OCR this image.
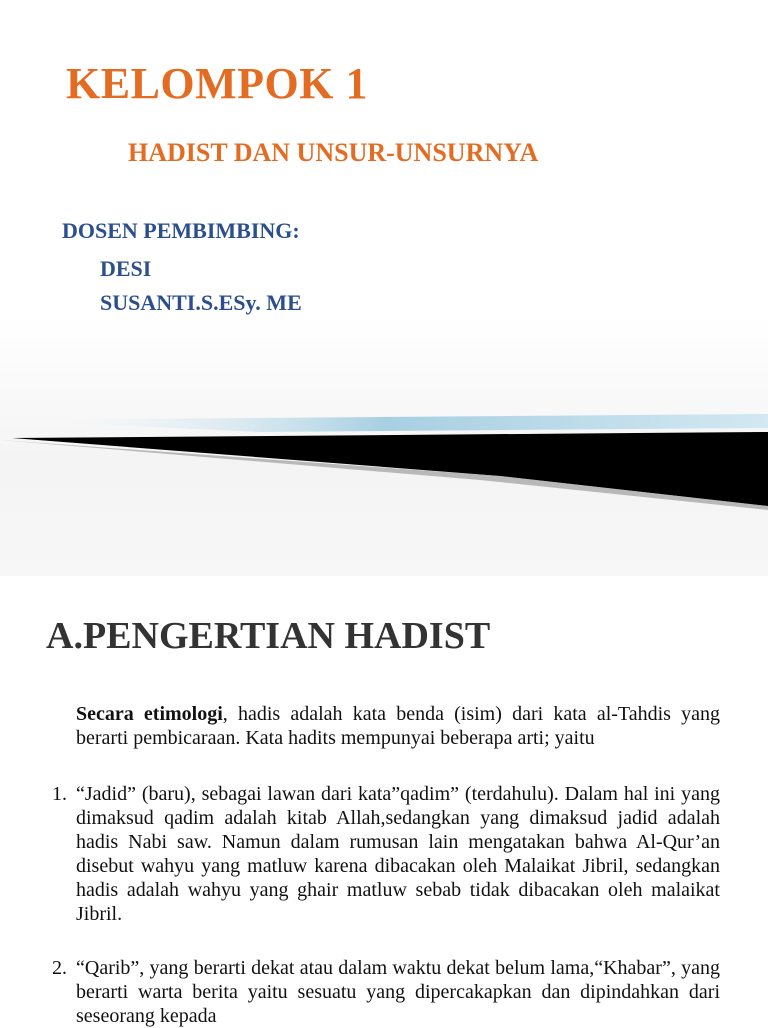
KELOMPOK 1
HADIST DAN UNSUR-UNSURNYA
DOSEN PEMBIMBING:
DESI
SUSANTI.S.ESy. ME
A.PENGERTIAN HADIST
Secara etimologi, hadis adalah kata benda (isim) dari kata al-Tahdis yang berarti pembicaraan. Kata hadits mempunyai beberapa arti; yaitu
1. “Jadid” (baru), sebagai lawan dari kata”qadim” (terdahulu). Dalam hal ini yang dimaksud qadim adalah kitab Allah,sedangkan yang dimaksud jadid adalah hadis Nabi saw. Namun dalam rumusan lain mengatakan bahwa Al-Qur’an disebut wahyu yang matluw karena dibacakan oleh Malaikat Jibril, sedangkan hadis adalah wahyu yang ghair matluw sebab tidak dibacakan oleh malaikat Jibril.
2. “Qarib”, yang berarti dekat atau dalam waktu dekat belum lama,“Khabar”, yang berarti warta berita yaitu sesuatu yang dipercakapkan dan dipindahkan dari seseorang kepada
